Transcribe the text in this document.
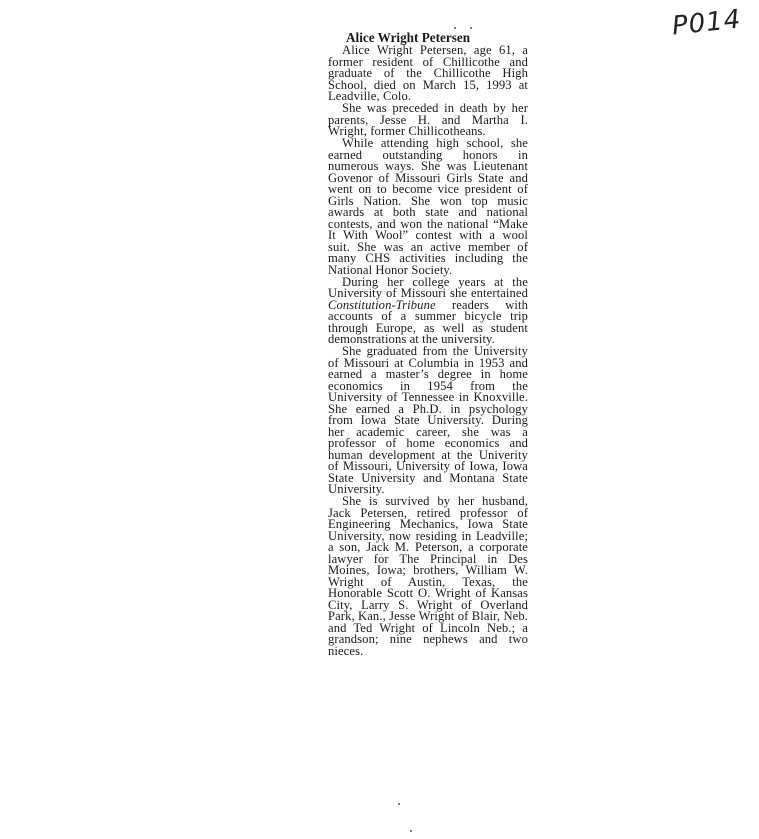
P014
Alice Wright Petersen

Alice Wright Petersen, age 61, a former resident of Chillicothe and graduate of the Chillicothe High School, died on March 15, 1993 at Leadville, Colo.

She was preceded in death by her parents, Jesse H. and Martha I. Wright, former Chillicotheans.

While attending high school, she earned outstanding honors in numerous ways. She was Lieutenant Govenor of Missouri Girls State and went on to become vice president of Girls Nation. She won top music awards at both state and national contests, and won the national “Make It With Wool” contest with a wool suit. She was an active member of many CHS activities including the National Honor Society.

During her college years at the University of Missouri she entertained Constitution-Tribune readers with accounts of a summer bicycle trip through Europe, as well as student demonstrations at the university.

She graduated from the University of Missouri at Columbia in 1953 and earned a master’s degree in home economics in 1954 from the University of Tennessee in Knoxville. She earned a Ph.D. in psychology from Iowa State University. During her academic career, she was a professor of home economics and human development at the Univerity of Missouri, University of Iowa, Iowa State University and Montana State University.

She is survived by her husband, Jack Petersen, retired professor of Engineering Mechanics, Iowa State University, now residing in Leadville; a son, Jack M. Peterson, a corporate lawyer for The Principal in Des Moines, Iowa; brothers, William W. Wright of Austin, Texas, the Honorable Scott O. Wright of Kansas City, Larry S. Wright of Overland Park, Kan., Jesse Wright of Blair, Neb. and Ted Wright of Lincoln Neb.; a grandson; nine nephews and two nieces.
